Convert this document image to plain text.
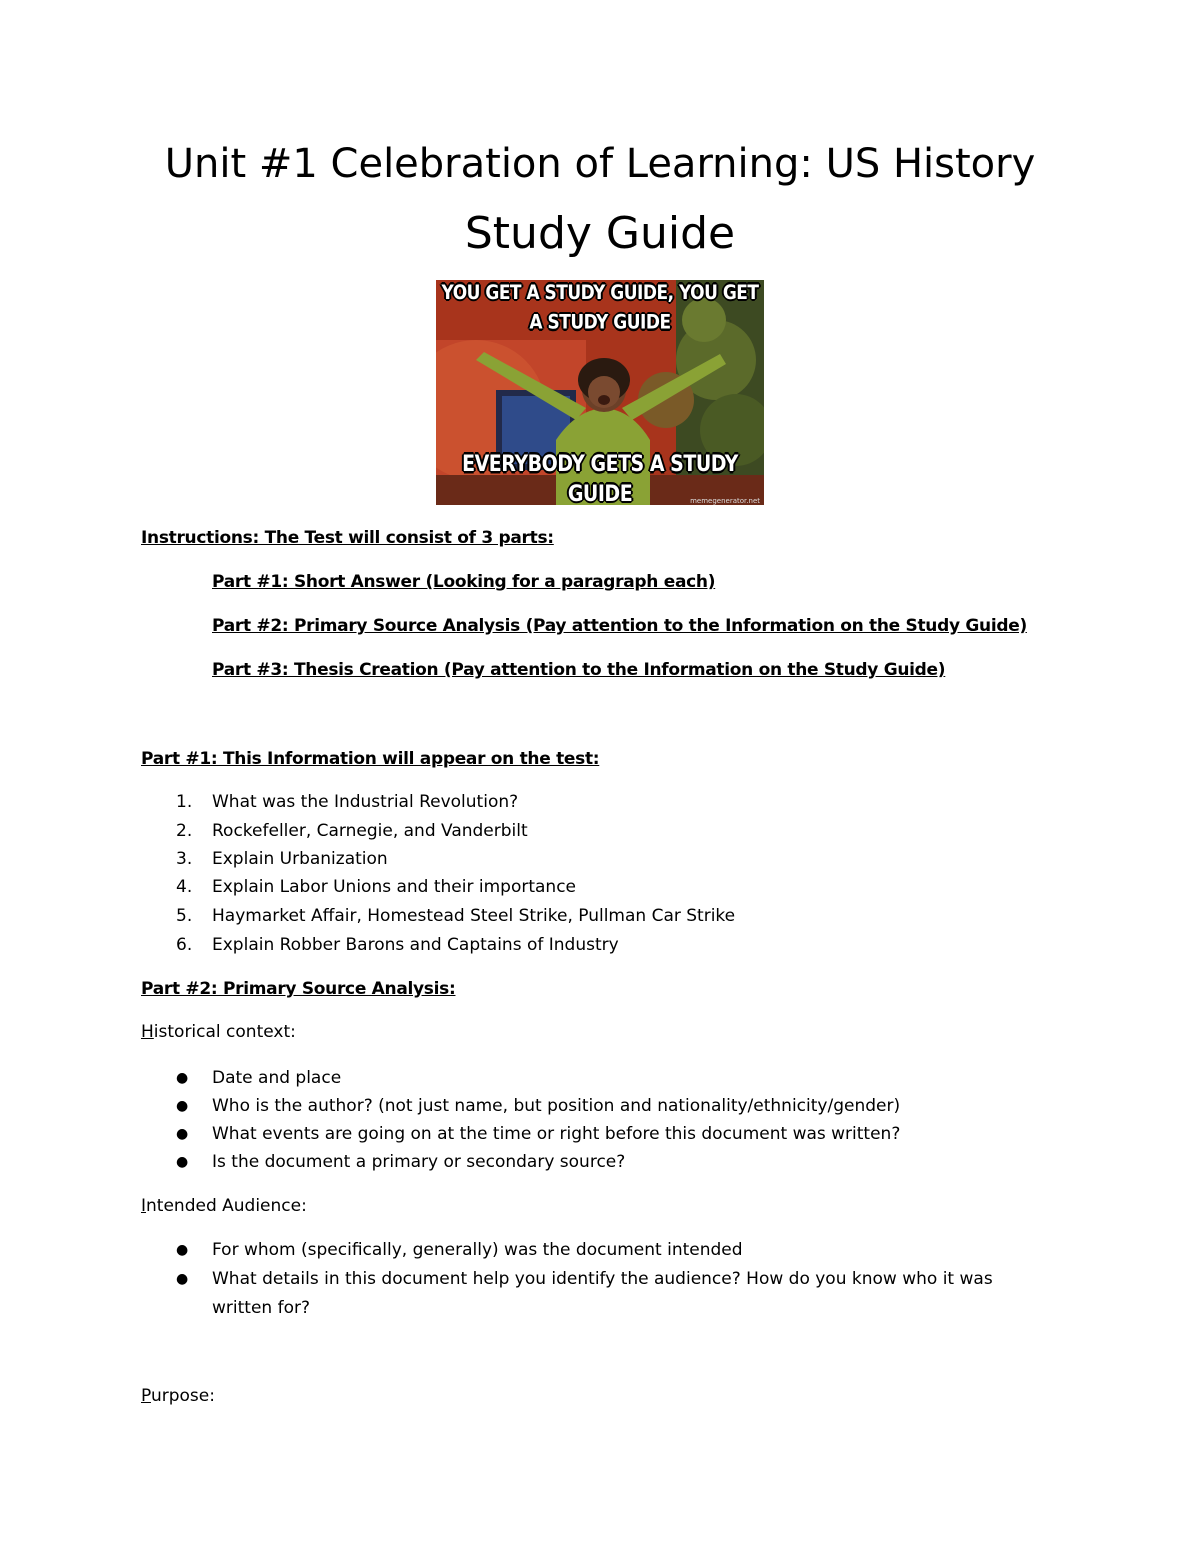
Unit #1 Celebration of Learning: US History
Study Guide
YOU GET A STUDY GUIDE, YOU GET A STUDY GUIDE
EVERYBODY GETS A STUDY GUIDE	memegenerator.net
Instructions: The Test will consist of 3 parts:
Part #1: Short Answer (Looking for a paragraph each)
Part #2: Primary Source Analysis (Pay attention to the Information on the Study Guide)
Part #3: Thesis Creation (Pay attention to the Information on the Study Guide)
Part #1: This Information will appear on the test:
1.	What was the Industrial Revolution?
2.	Rockefeller, Carnegie, and Vanderbilt
3.	Explain Urbanization
4.	Explain Labor Unions and their importance
5.	Haymarket Affair, Homestead Steel Strike, Pullman Car Strike
6.	Explain Robber Barons and Captains of Industry
Part #2: Primary Source Analysis:
Historical context:
● Date and place
● Who is the author? (not just name, but position and nationality/ethnicity/gender)
● What events are going on at the time or right before this document was written?
● Is the document a primary or secondary source?
Intended Audience:
● For whom (specifically, generally) was the document intended
● What details in this document help you identify the audience? How do you know who it was
written for?
Purpose:
